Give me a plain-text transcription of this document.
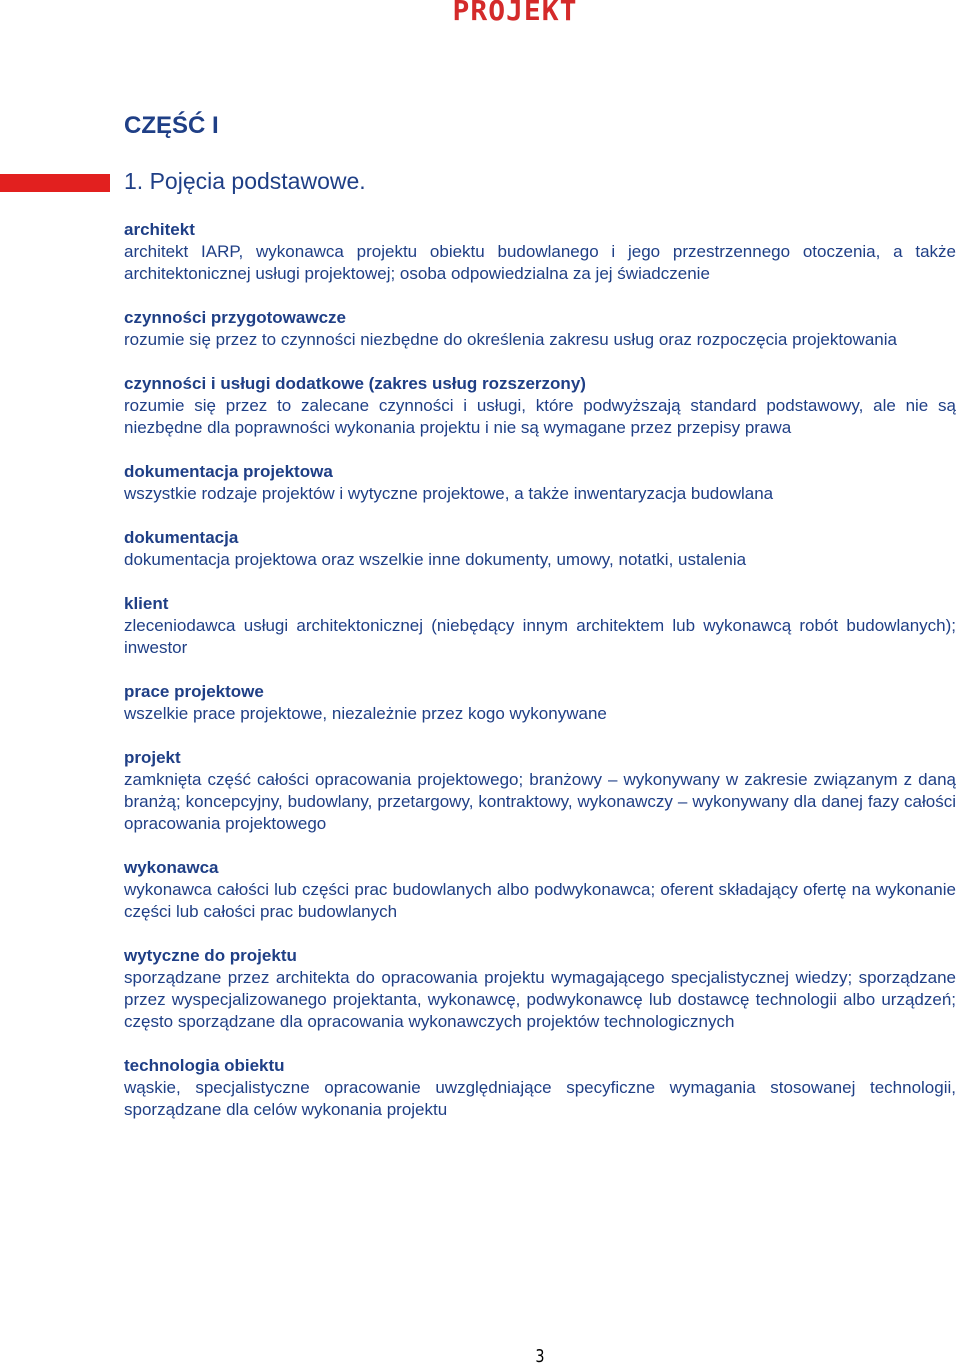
PROJEKT
CZĘŚĆ I
1. Pojęcia podstawowe.

architekt

architekt IARP, wykonawca projektu obiektu budowlanego i jego przestrzennego otoczenia, a także architektonicznej usługi projektowej; osoba odpowiedzialna za jej świadczenie

czynności przygotowawcze

rozumie się przez to czynności niezbędne do określenia zakresu usług oraz rozpoczęcia projektowania

czynności i usługi dodatkowe (zakres usług rozszerzony)

rozumie się przez to zalecane czynności i usługi, które podwyższają standard podstawowy, ale nie są niezbędne dla poprawności wykonania projektu i nie są wymagane przez przepisy prawa

dokumentacja projektowa

wszystkie rodzaje projektów i wytyczne projektowe, a także inwentaryzacja budowlana

dokumentacja

dokumentacja projektowa oraz wszelkie inne dokumenty, umowy, notatki, ustalenia

klient

zleceniodawca usługi architektonicznej (niebędący innym architektem lub wykonawcą robót budowlanych); inwestor

prace projektowe

wszelkie prace projektowe, niezależnie przez kogo wykonywane

projekt

zamknięta część całości opracowania projektowego; branżowy – wykonywany w zakresie związanym z daną branżą; koncepcyjny, budowlany, przetargowy, kontraktowy, wykonawczy – wykonywany dla danej fazy całości opracowania projektowego

wykonawca

wykonawca całości lub części prac budowlanych albo podwykonawca; oferent składający ofertę na wykonanie części lub całości prac budowlanych

wytyczne do projektu

sporządzane przez architekta do opracowania projektu wymagającego specjalistycznej wiedzy; sporządzane przez wyspecjalizowanego projektanta, wykonawcę, podwykonawcę lub dostawcę technologii albo urządzeń; często sporządzane dla opracowania wykonawczych projektów technologicznych

technologia obiektu

wąskie, specjalistyczne opracowanie uwzględniające specyficzne wymagania stosowanej technologii, sporządzane dla celów wykonania projektu

3
